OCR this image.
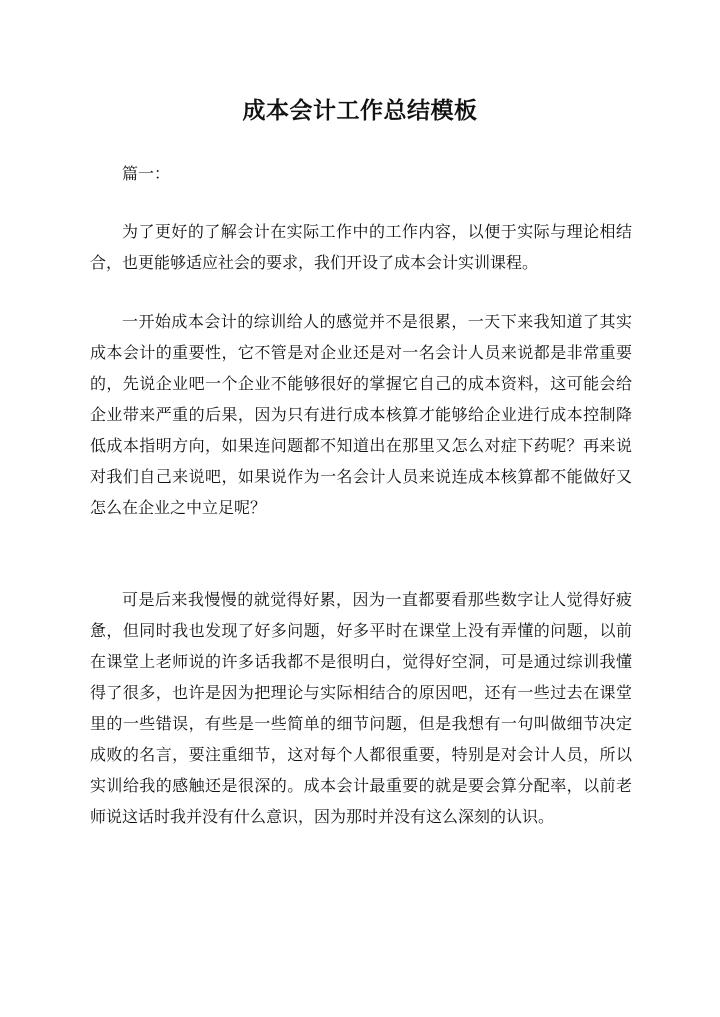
成本会计工作总结模板

篇一：

为了更好的了解会计在实际工作中的工作内容，以便于实际与理论相结合，也更能够适应社会的要求，我们开设了成本会计实训课程。

一开始成本会计的综训给人的感觉并不是很累，一天下来我知道了其实成本会计的重要性，它不管是对企业还是对一名会计人员来说都是非常重要的，先说企业吧一个企业不能够很好的掌握它自己的成本资料，这可能会给企业带来严重的后果，因为只有进行成本核算才能够给企业进行成本控制降低成本指明方向，如果连问题都不知道出在那里又怎么对症下药呢？再来说对我们自己来说吧，如果说作为一名会计人员来说连成本核算都不能做好又怎么在企业之中立足呢？

可是后来我慢慢的就觉得好累，因为一直都要看那些数字让人觉得好疲惫，但同时我也发现了好多问题，好多平时在课堂上没有弄懂的问题，以前在课堂上老师说的许多话我都不是很明白，觉得好空洞，可是通过综训我懂得了很多，也许是因为把理论与实际相结合的原因吧，还有一些过去在课堂里的一些错误，有些是一些简单的细节问题，但是我想有一句叫做细节决定成败的名言，要注重细节，这对每个人都很重要，特别是对会计人员，所以实训给我的感触还是很深的。成本会计最重要的就是要会算分配率，以前老师说这话时我并没有什么意识，因为那时并没有这么深刻的认识。
